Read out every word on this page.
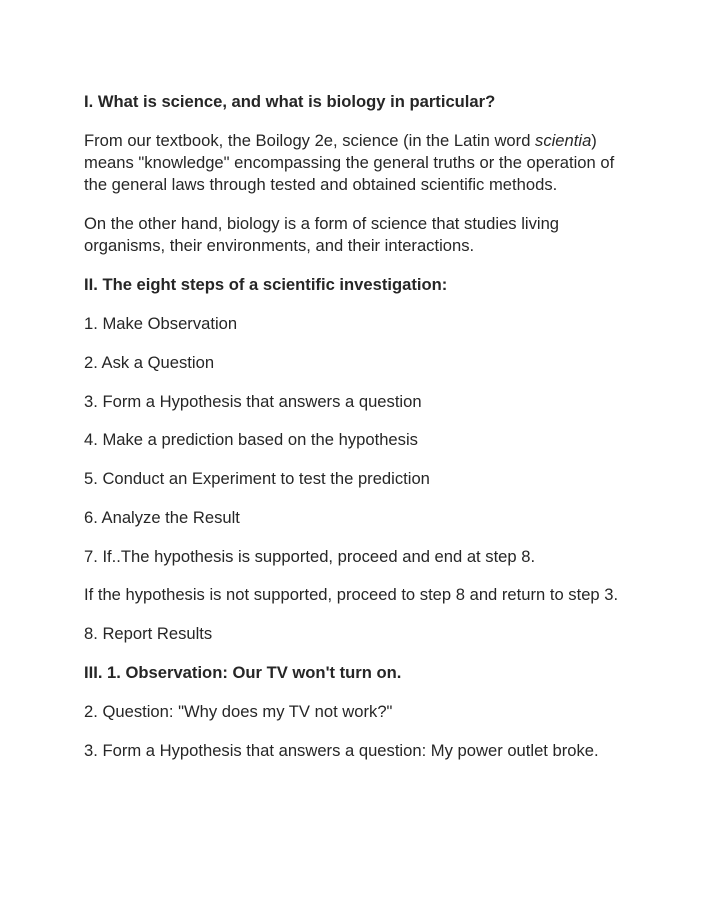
I. What is science, and what is biology in particular?

From our textbook, the Boilogy 2e, science (in the Latin word scientia)
means "knowledge" encompassing the general truths or the operation of
the general laws through tested and obtained scientific methods.
On the other hand, biology is a form of science that studies living
organisms, their environments, and their interactions.

II. The eight steps of a scientific investigation:

1. Make Observation

2. Ask a Question

3. Form a Hypothesis that answers a question

4. Make a prediction based on the hypothesis

5. Conduct an Experiment to test the prediction

6. Analyze the Result

7. If..The hypothesis is supported, proceed and end at step 8.

If the hypothesis is not supported, proceed to step 8 and return to step 3.

8. Report Results

III. 1. Observation: Our TV won't turn on.

2. Question: "Why does my TV not work?"

3. Form a Hypothesis that answers a question: My power outlet broke.
